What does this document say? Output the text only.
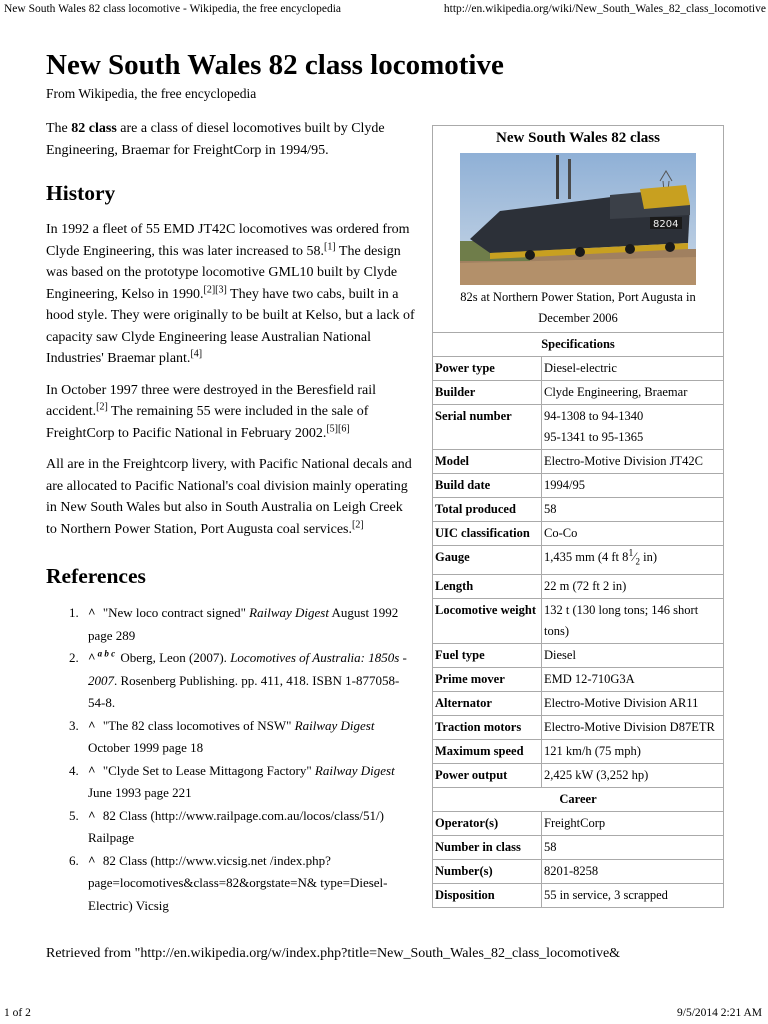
New South Wales 82 class locomotive - Wikipedia, the free encyclopedia	http://en.wikipedia.org/wiki/New_South_Wales_82_class_locomotive
New South Wales 82 class locomotive
From Wikipedia, the free encyclopedia

The 82 class are a class of diesel locomotives built by Clyde Engineering, Braemar for FreightCorp in 1994/95.

History

In 1992 a fleet of 55 EMD JT42C locomotives was ordered from Clyde Engineering, this was later increased to 58.[1] The design was based on the prototype locomotive GML10 built by Clyde Engineering, Kelso in 1990.[2][3] They have two cabs, built in a hood style. They were originally to be built at Kelso, but a lack of capacity saw Clyde Engineering lease Australian National Industries' Braemar plant.[4]

In October 1997 three were destroyed in the Beresfield rail accident.[2] The remaining 55 were included in the sale of FreightCorp to Pacific National in February 2002.[5][6]

All are in the Freightcorp livery, with Pacific National decals and are allocated to Pacific National's coal division mainly operating in New South Wales but also in South Australia on Leigh Creek to Northern Power Station, Port Augusta coal services.[2]

References
1. ^ "New loco contract signed" Railway Digest August 1992 page 289
2. ^ $^{a b c}$ Oberg, Leon (2007). Locomotives of Australia: 1850s - 2007. Rosenberg Publishing. pp. 411, 418. ISBN 1-877058-54-8.
3. ^ "The 82 class locomotives of NSW" Railway Digest October 1999 page 18
4. ^ "Clyde Set to Lease Mittagong Factory" Railway Digest June 1993 page 221
5. ^ 82 Class (http://www.railpage.com.au/locos/class/51/) Railpage
6. ^ 82 Class (http://www.vicsig.net /index.php?page=locomotives&class=82&orgstate=N& type=Diesel-Electric) Vicsig
Retrieved from "http://en.wikipedia.org/w/index.php?title=New_South_Wales_82_class_locomotive&
New South Wales 82 class	

8204	

82s at Northern Power Station, Port Augusta in December 2006	
Specifications	
Power type	Diesel-electric
Builder	Clyde Engineering, Braemar
Serial number	94-1308 to 94-1340
95-1341 to 95-1365
Model	Electro-Motive Division JT42C
Build date	1994/95
Total produced	58
UIC classification	Co-Co
Gauge	1,435 mm (4 ft $8^1⁄_2$ in)
Length	22 m (72 ft 2 in)
Locomotive weight	132 t (130 long tons; 146 short tons)
Fuel type	Diesel
Prime mover	EMD 12-710G3A
Alternator	Electro-Motive Division AR11
Traction motors	Electro-Motive Division D87ETR
Maximum speed	121 km/h (75 mph)
Power output	2,425 kW (3,252 hp)
Career	
Operator(s)	FreightCorp
Number in class	58
Number(s)	8201-8258
Disposition	55 in service, 3 scrapped
1 of 2	9/5/2014 2:21 AM
